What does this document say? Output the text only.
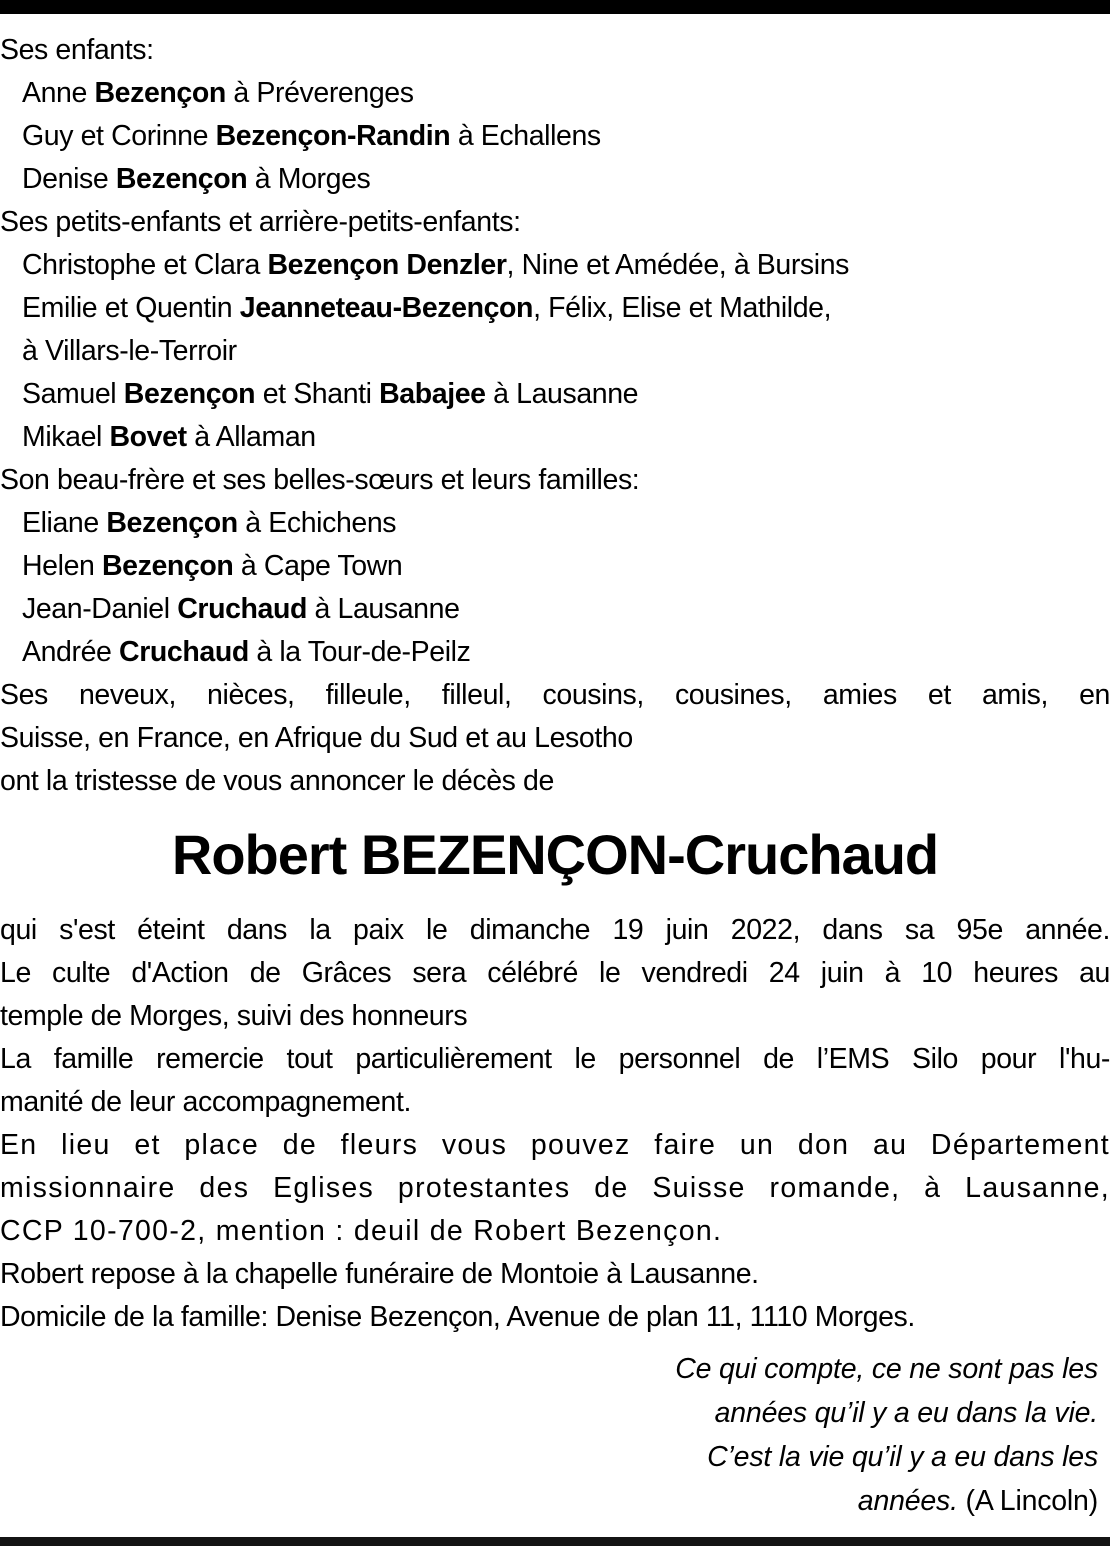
Ses enfants:
Anne Bezençon à Préverenges
Guy et Corinne Bezençon-Randin à Echallens
Denise Bezençon à Morges
Ses petits-enfants et arrière-petits-enfants:
Christophe et Clara Bezençon Denzler, Nine et Amédée, à Bursins
Emilie et Quentin Jeanneteau-Bezençon, Félix, Elise et Mathilde,
à Villars-le-Terroir
Samuel Bezençon et Shanti Babajee à Lausanne
Mikael Bovet à Allaman
Son beau-frère et ses belles-sœurs et leurs familles:
Eliane Bezençon à Echichens
Helen Bezençon à Cape Town
Jean-Daniel Cruchaud à Lausanne
Andrée Cruchaud à la Tour-de-Peilz
Ses neveux, nièces, filleule, filleul, cousins, cousines, amies et amis, en
Suisse, en France, en Afrique du Sud et au Lesotho
ont la tristesse de vous annoncer le décès de
Robert BEZENÇON-Cruchaud
qui s'est éteint dans la paix le dimanche 19 juin 2022, dans sa 95e année.
Le culte d'Action de Grâces sera célébré le vendredi 24 juin à 10 heures au
temple de Morges, suivi des honneurs
La famille remercie tout particulièrement le personnel de l’EMS Silo pour l'hu-
manité de leur accompagnement.
En lieu et place de fleurs vous pouvez faire un don au Département
missionnaire des Eglises protestantes de Suisse romande, à Lausanne,
CCP 10-700-2, mention : deuil de Robert Bezençon.
Robert repose à la chapelle funéraire de Montoie à Lausanne.
Domicile de la famille: Denise Bezençon, Avenue de plan 11, 1110 Morges.
Ce qui compte, ce ne sont pas les
années qu’il y a eu dans la vie.
C’est la vie qu’il y a eu dans les
années. (A Lincoln)
